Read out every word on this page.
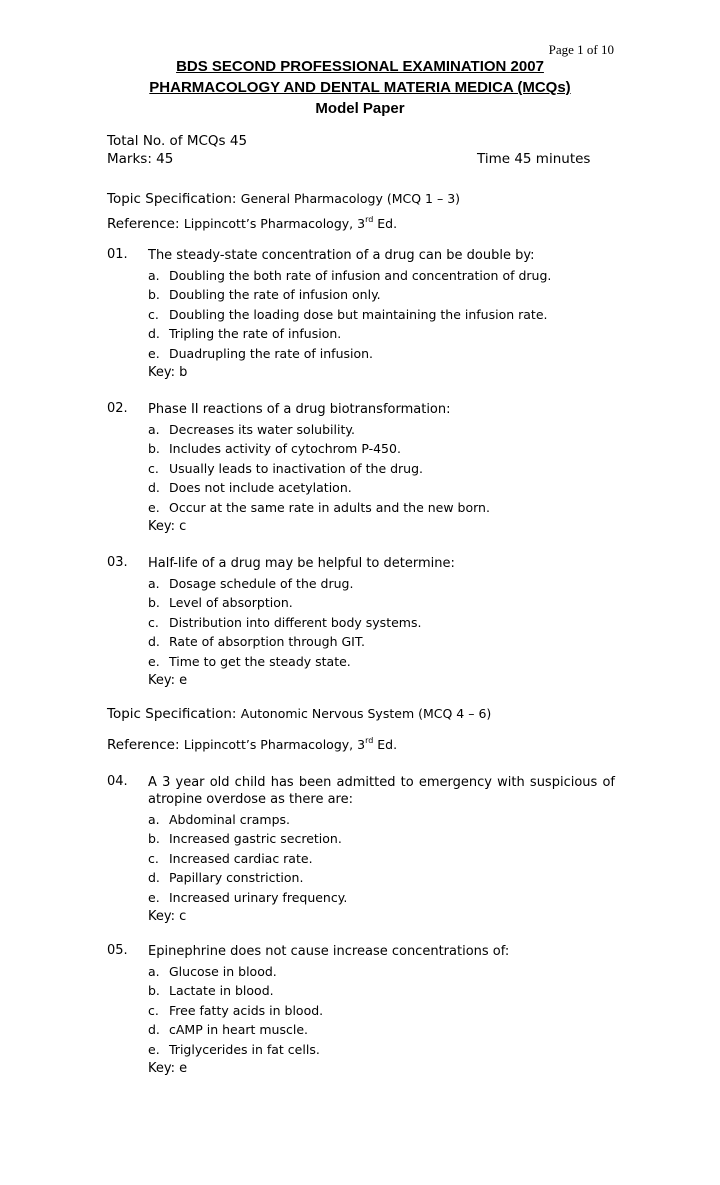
Page 1 of 10
BDS SECOND PROFESSIONAL EXAMINATION 2007
PHARMACOLOGY AND DENTAL MATERIA MEDICA (MCQs)
Model Paper
Total No. of MCQs 45
Marks: 45	Time 45 minutes
Topic Specification: General Pharmacology (MCQ 1 – 3)
Reference: Lippincott’s Pharmacology, 3rd Ed.
01. The steady-state concentration of a drug can be double by:
a. Doubling the both rate of infusion and concentration of drug.
b. Doubling the rate of infusion only.
c. Doubling the loading dose but maintaining the infusion rate.
d. Tripling the rate of infusion.
e. Duadrupling the rate of infusion.
Key: b
02. Phase II reactions of a drug biotransformation:
a. Decreases its water solubility.
b. Includes activity of cytochrom P-450.
c. Usually leads to inactivation of the drug.
d. Does not include acetylation.
e. Occur at the same rate in adults and the new born.
Key: c
03. Half-life of a drug may be helpful to determine:
a. Dosage schedule of the drug.
b. Level of absorption.
c. Distribution into different body systems.
d. Rate of absorption through GIT.
e. Time to get the steady state.
Key: e
Topic Specification: Autonomic Nervous System (MCQ 4 – 6)
Reference: Lippincott’s Pharmacology, 3rd Ed.
04. A 3 year old child has been admitted to emergency with suspicious of atropine overdose as there are:
a. Abdominal cramps.
b. Increased gastric secretion.
c. Increased cardiac rate.
d. Papillary constriction.
e. Increased urinary frequency.
Key: c
05. Epinephrine does not cause increase concentrations of:
a. Glucose in blood.
b. Lactate in blood.
c. Free fatty acids in blood.
d. cAMP in heart muscle.
e. Triglycerides in fat cells.
Key: e
